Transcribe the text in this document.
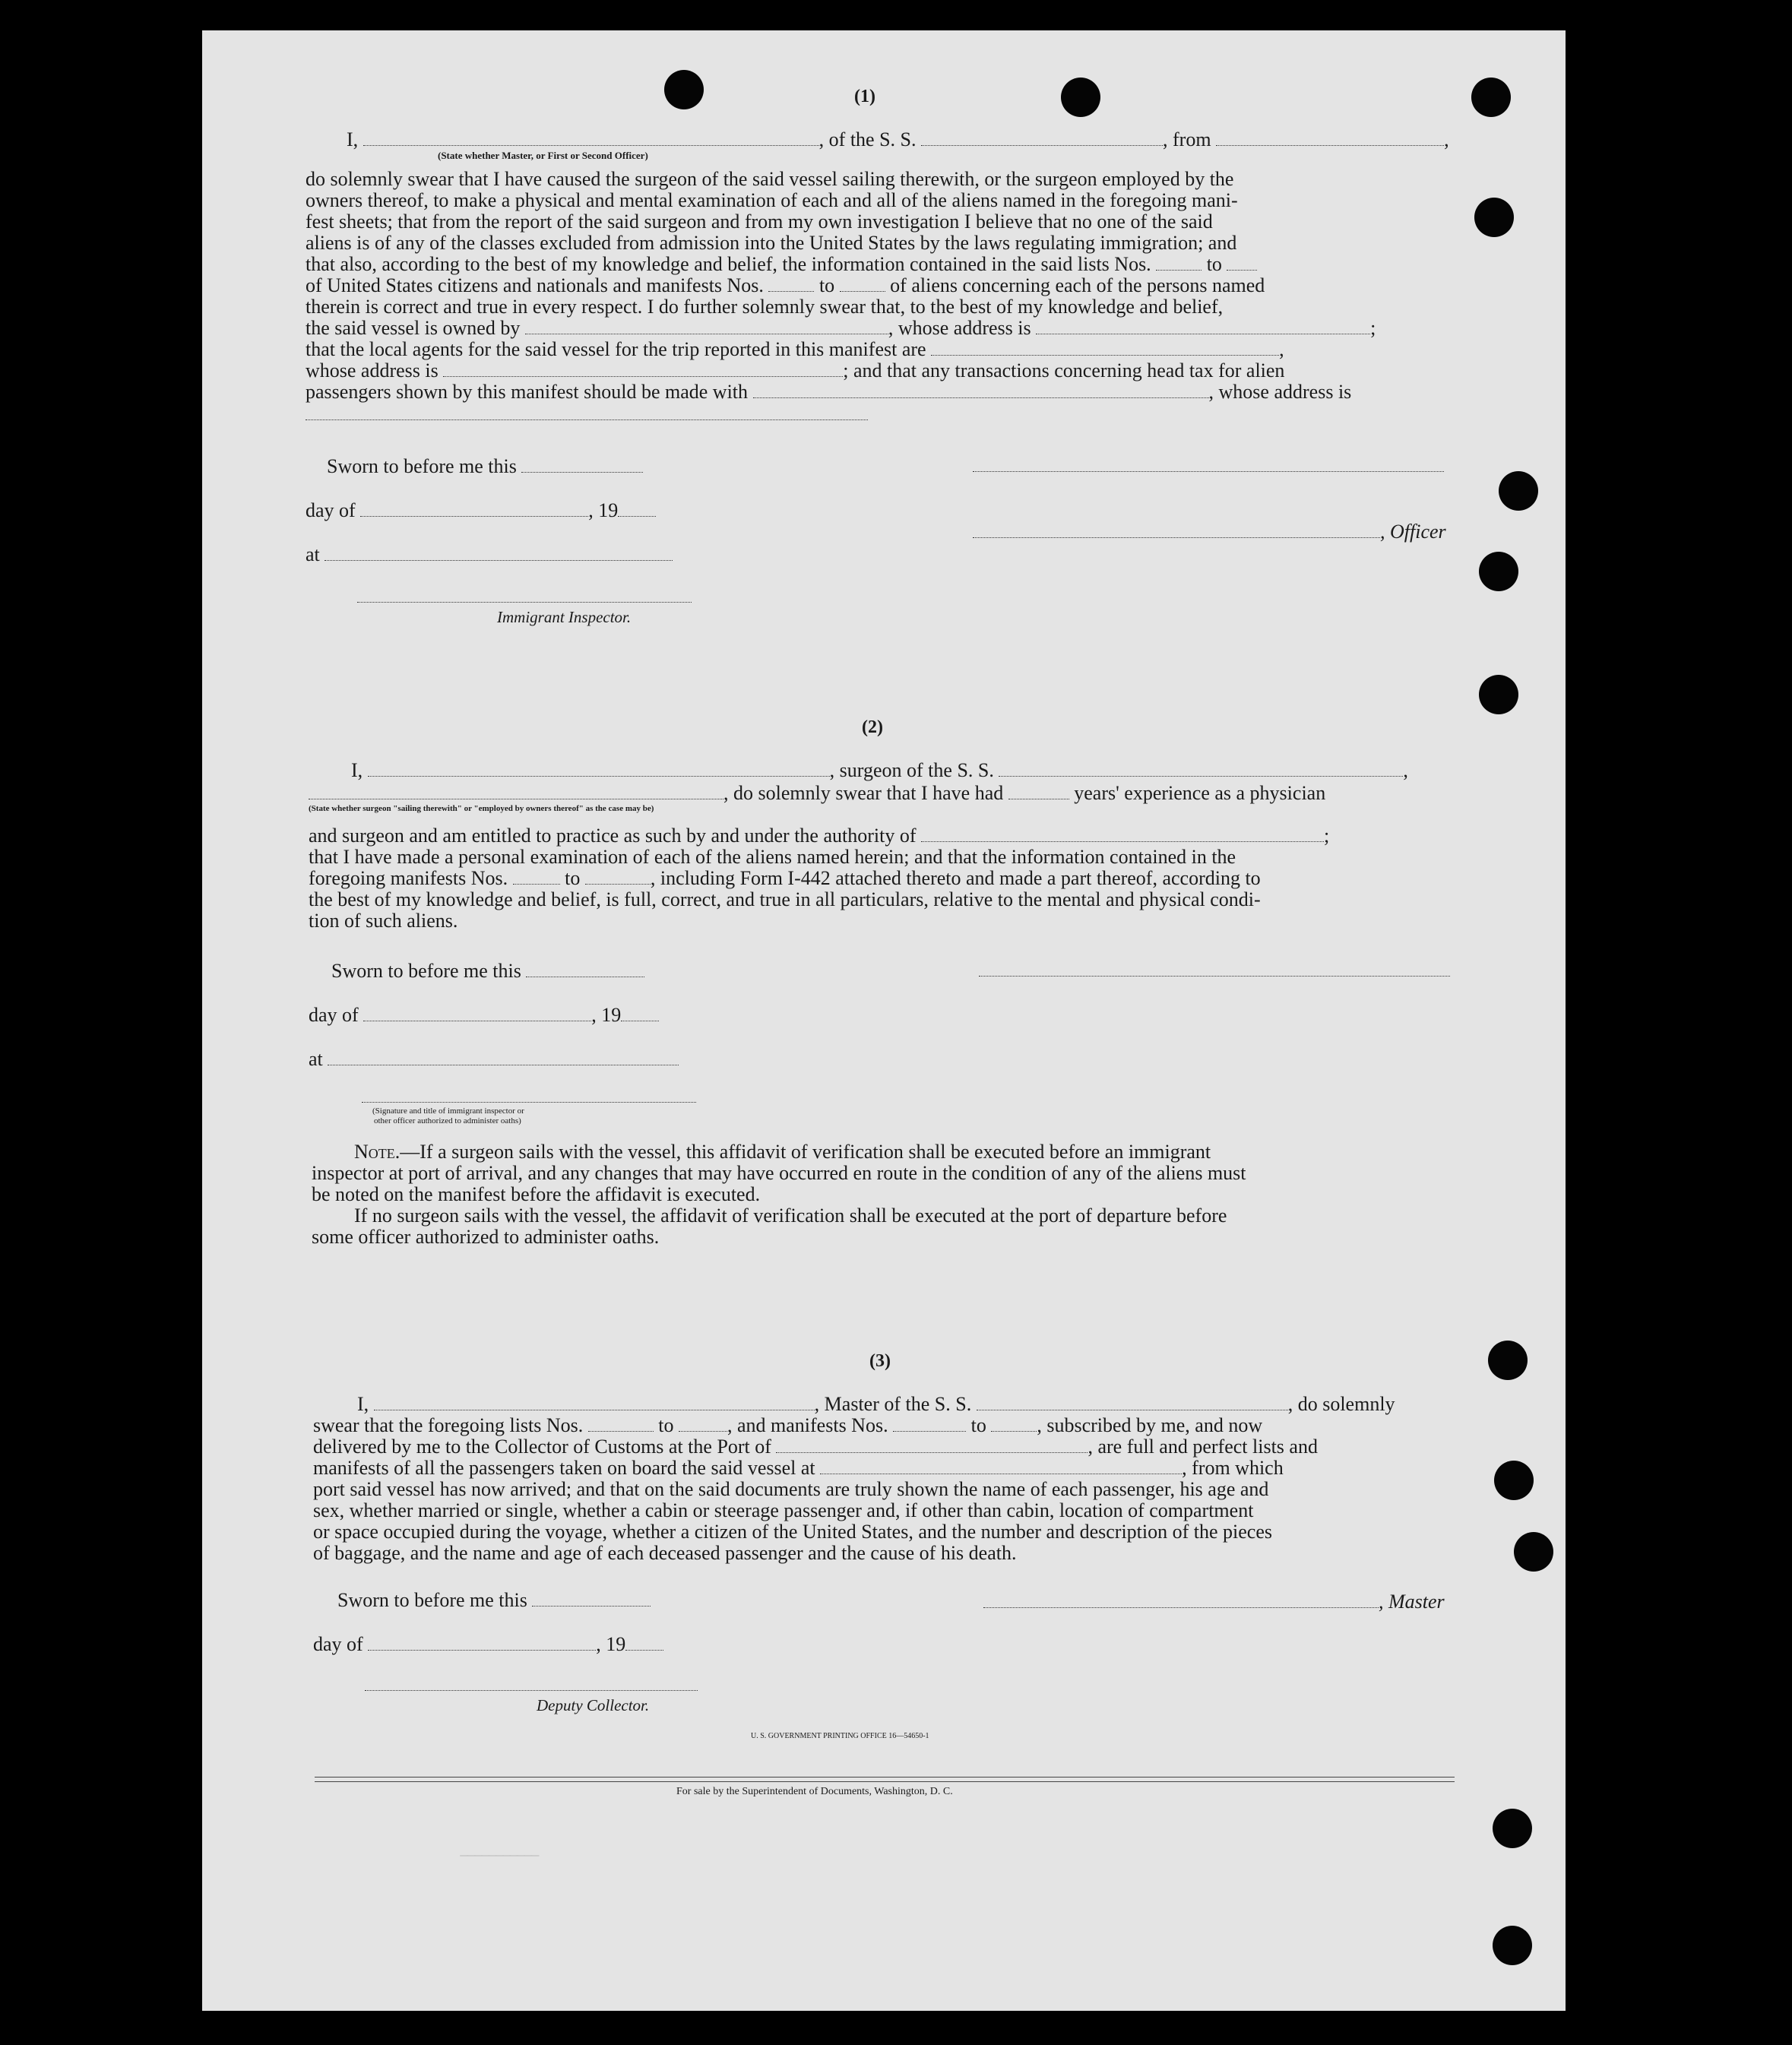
‾‾‾‾‾‾‾‾‾‾‾
(1)
I,	, of the S. S.	, from	,
(State whether Master, or First or Second Officer)
do solemnly swear that I have caused the surgeon of the said vessel sailing therewith, or the surgeon employed by the
owners thereof, to make a physical and mental examination of each and all of the aliens named in the foregoing mani-
fest sheets; that from the report of the said surgeon and from my own investigation I believe that no one of the said
aliens is of any of the classes excluded from admission into the United States by the laws regulating immigration; and
that also, according to the best of my knowledge and belief, the information contained in the said lists Nos.	to
of United States citizens and nationals and manifests Nos.	to	of aliens concerning each of the persons named
therein is correct and true in every respect. I do further solemnly swear that, to the best of my knowledge and belief,
the said vessel is owned by	, whose address is	;
that the local agents for the said vessel for the trip reported in this manifest are	,
whose address is	; and that any transactions concerning head tax for alien
passengers shown by this manifest should be made with	, whose address is
Sworn to before me this
day of	, 19
at
Immigrant Inspector.
, Officer
(2)
I,	, surgeon of the S. S.	,
, do solemnly swear that I have had	years' experience as a physician
(State whether surgeon "sailing therewith" or "employed by owners thereof" as the case may be)
and surgeon and am entitled to practice as such by and under the authority of	;
that I have made a personal examination of each of the aliens named herein; and that the information contained in the
foregoing manifests Nos.	to	, including Form I-442 attached thereto and made a part thereof, according to
the best of my knowledge and belief, is full, correct, and true in all particulars, relative to the mental and physical condi-
tion of such aliens.
Sworn to before me this
day of	, 19
at
(Signature and title of immigrant inspector or
other officer authorized to administer oaths)
Note.—If a surgeon sails with the vessel, this affidavit of verification shall be executed before an immigrant
inspector at port of arrival, and any changes that may have occurred en route in the condition of any of the aliens must
be noted on the manifest before the affidavit is executed.
If no surgeon sails with the vessel, the affidavit of verification shall be executed at the port of departure before
some officer authorized to administer oaths.
(3)
I,	, Master of the S. S.	, do solemnly
swear that the foregoing lists Nos.	to	, and manifests Nos.	to	, subscribed by me, and now
delivered by me to the Collector of Customs at the Port of	, are full and perfect lists and
manifests of all the passengers taken on board the said vessel at	, from which
port said vessel has now arrived; and that on the said documents are truly shown the name of each passenger, his age and
sex, whether married or single, whether a cabin or steerage passenger and, if other than cabin, location of compartment
or space occupied during the voyage, whether a citizen of the United States, and the number and description of the pieces
of baggage, and the name and age of each deceased passenger and the cause of his death.
Sworn to before me this	, Master
day of	, 19
Deputy Collector.
U. S. GOVERNMENT PRINTING OFFICE 16—54650-1
For sale by the Superintendent of Documents, Washington, D. C.
